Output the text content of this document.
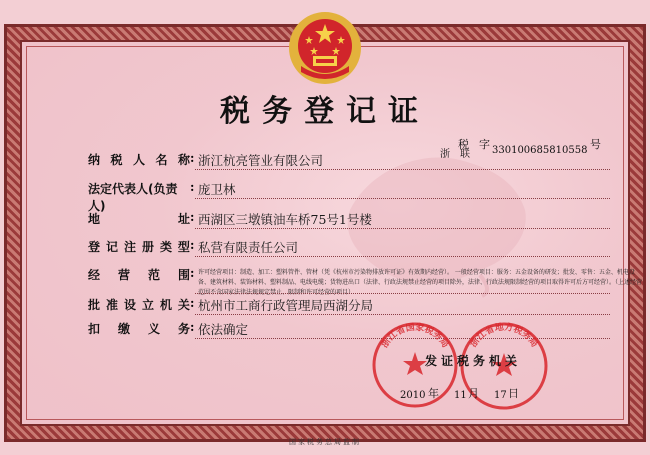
税务登记证
税字	号
浙 联 330100685810558
纳 税 人 名 称 : 浙江杭亮管业有限公司
法定代表人(负责人)
: 庞卫林
地	址 : 西湖区三墩镇油车桥75号1号楼
登 记 注 册 类 型 : 私营有限责任公司
经 营 范 围 : 许可经营项目：制造、加工：塑料管件、管材（凭《杭州市污染物排放许可证》有效期内经营）。 一般经营项目：服务：五金设备的研发；批发、零售：五金、机电设备、建筑材料、装饰材料、塑料制品、电线电缆；货物进出口（法律、行政法规禁止经营的项目除外，法律、行政法规限制经营的项目取得许可后方可经营）。（上述经营范围不含国家法律法规规定禁止、限制和许可经营的项目）
批 准 设 立 机 关 : 杭州市工商行政管理局西湖分局
扣 缴 义 务 : 依法确定
浙江省国家税务局 浙江省地方税务局
发证税务机关
年	月	日
2010	11	17
国家税务总局监制
